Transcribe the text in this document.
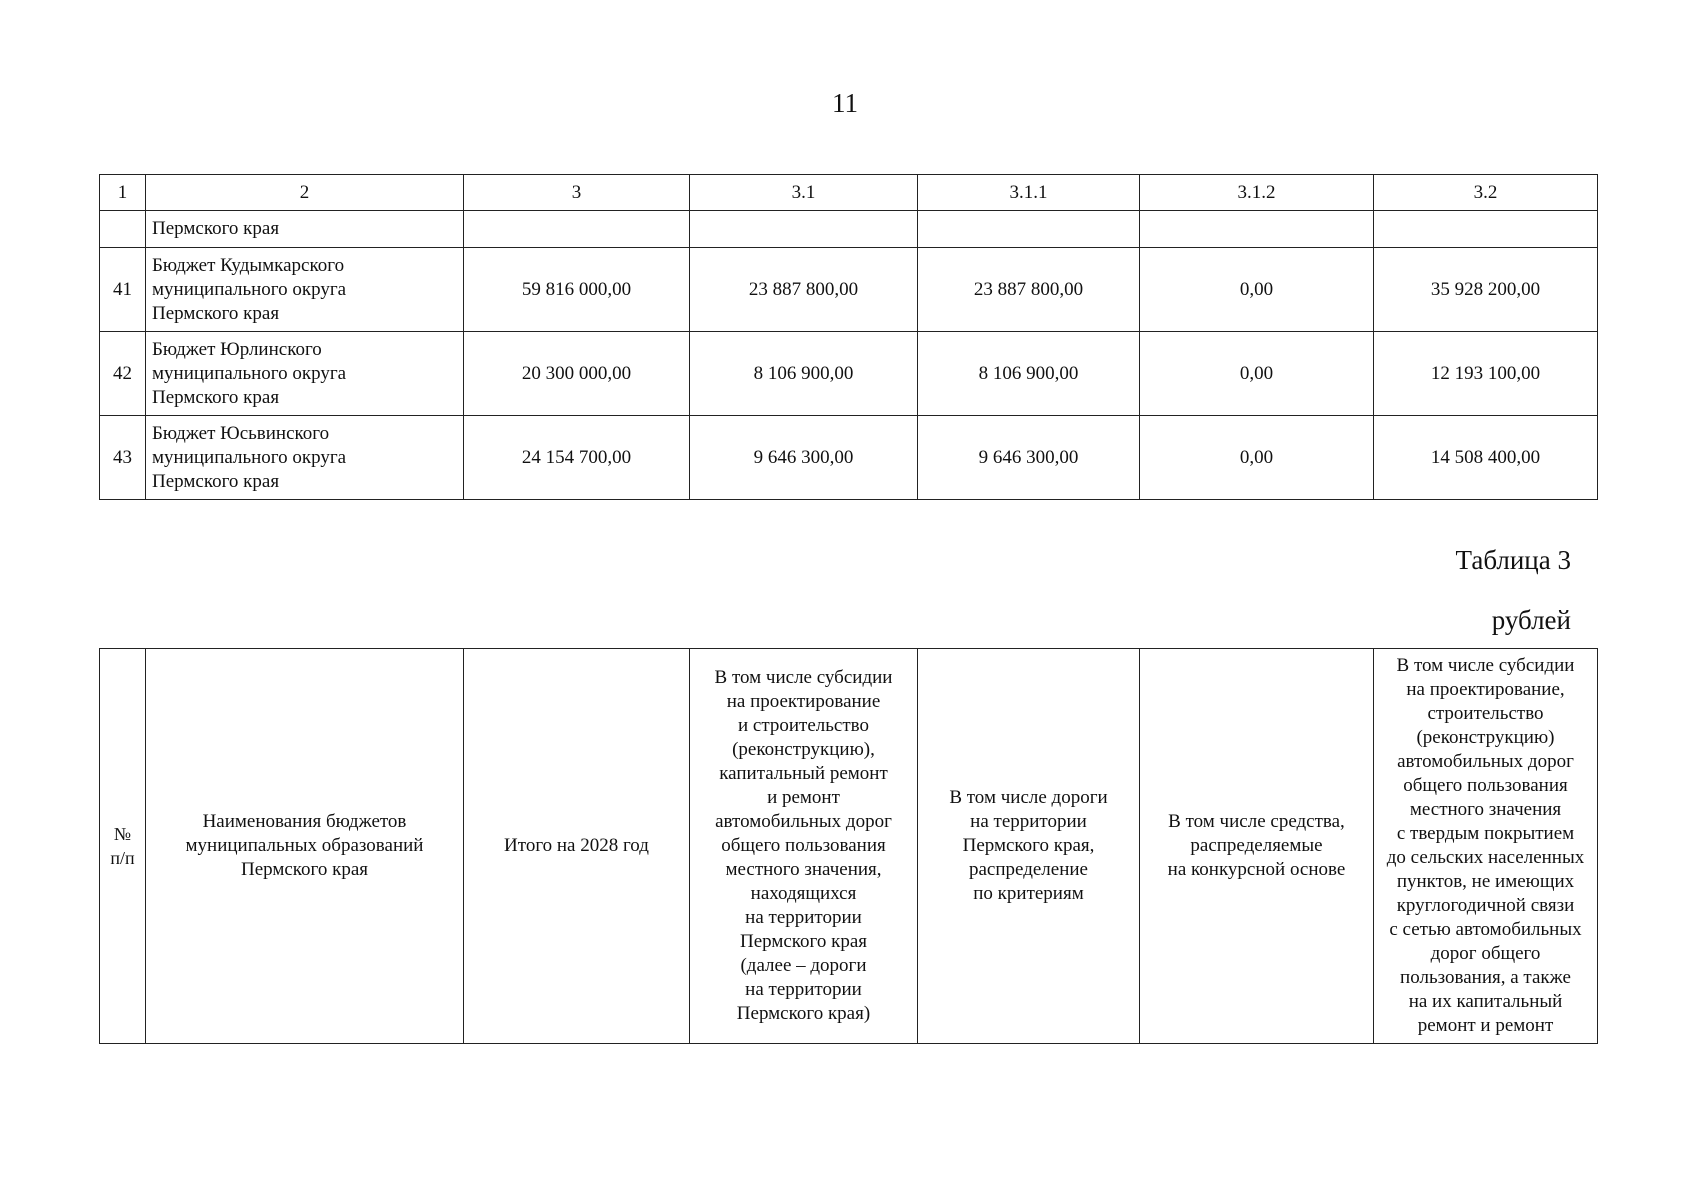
11
1	2	3	3.1	3.1.1	3.1.2	3.2
	Пермского края					
41	Бюджет Кудымкарского
муниципального округа
Пермского края	59 816 000,00	23 887 800,00	23 887 800,00	0,00	35 928 200,00
42	Бюджет Юрлинского
муниципального округа
Пермского края	20 300 000,00	8 106 900,00	8 106 900,00	0,00	12 193 100,00
43	Бюджет Юсьвинского
муниципального округа
Пермского края	24 154 700,00	9 646 300,00	9 646 300,00	0,00	14 508 400,00
Таблица 3
рублей
№
п/п

Наименования бюджетов
муниципальных образований
Пермского края

Итого на 2028 год

В том числе субсидии
на проектирование
и строительство
(реконструкцию),
капитальный ремонт
и ремонт
автомобильных дорог
общего пользования
местного значения,
находящихся
на территории
Пермского края
(далее – дороги
на территории
Пермского края)

В том числе дороги
на территории
Пермского края,
распределение
по критериям

В том числе средства,
распределяемые
на конкурсной основе

В том числе субсидии
на проектирование,
строительство
(реконструкцию)
автомобильных дорог
общего пользования
местного значения
с твердым покрытием
до сельских населенных
пунктов, не имеющих
круглогодичной связи
с сетью автомобильных
дорог общего
пользования, а также
на их капитальный
ремонт и ремонт
